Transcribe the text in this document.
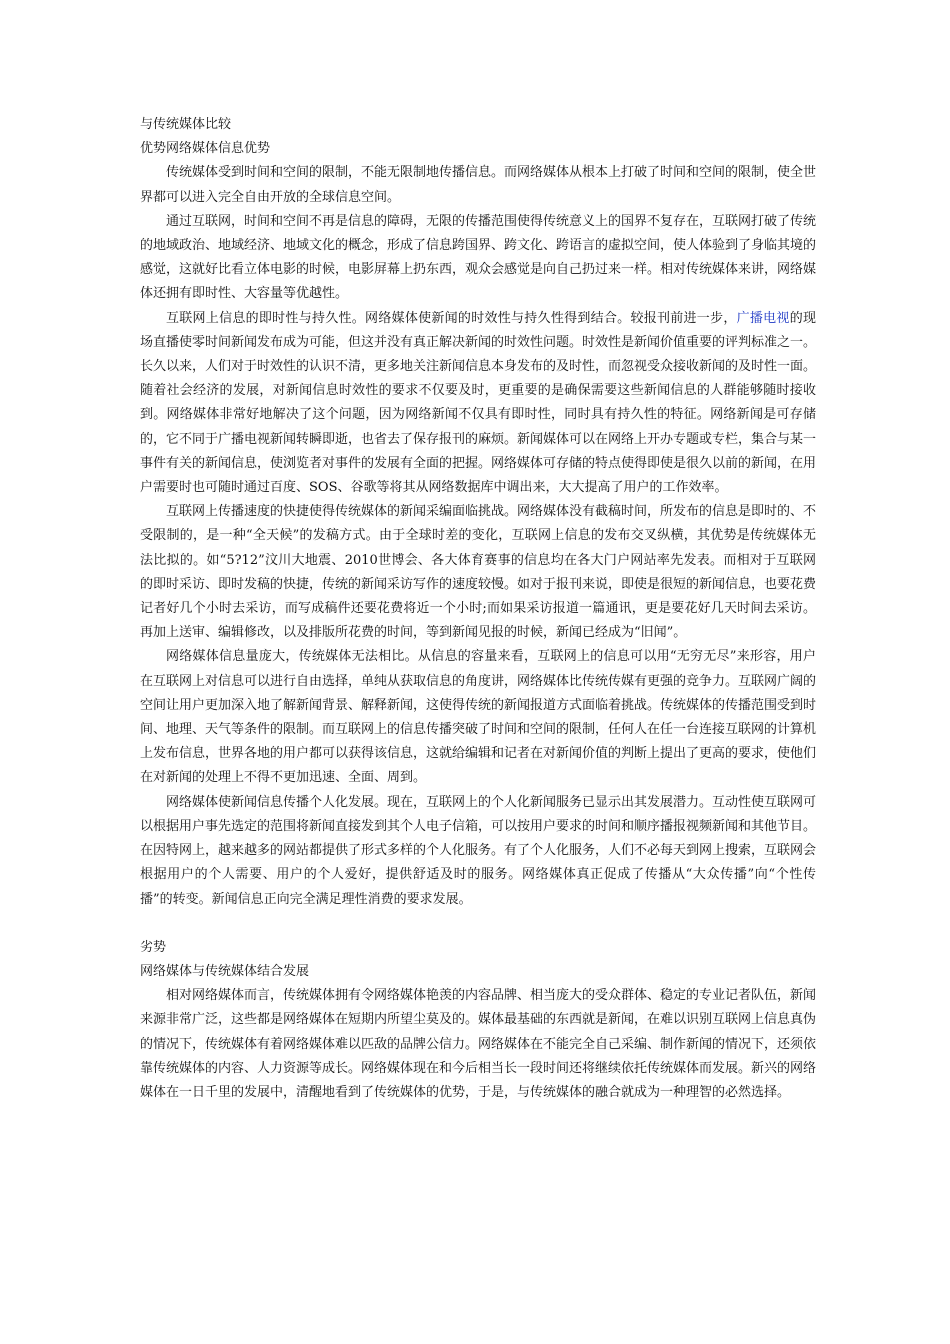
与传统媒体比较

优势网络媒体信息优势

传统媒体受到时间和空间的限制，不能无限制地传播信息。而网络媒体从根本上打破了时间和空间的限制，使全世界都可以进入完全自由开放的全球信息空间。

通过互联网，时间和空间不再是信息的障碍，无限的传播范围使得传统意义上的国界不复存在，互联网打破了传统的地域政治、地域经济、地域文化的概念，形成了信息跨国界、跨文化、跨语言的虚拟空间，使人体验到了身临其境的感觉，这就好比看立体电影的时候，电影屏幕上扔东西，观众会感觉是向自己扔过来一样。相对传统媒体来讲，网络媒体还拥有即时性、大容量等优越性。

互联网上信息的即时性与持久性。网络媒体使新闻的时效性与持久性得到结合。较报刊前进一步，广播电视的现场直播使零时间新闻发布成为可能，但这并没有真正解决新闻的时效性问题。时效性是新闻价值重要的评判标准之一。长久以来，人们对于时效性的认识不清，更多地关注新闻信息本身发布的及时性，而忽视受众接收新闻的及时性一面。随着社会经济的发展，对新闻信息时效性的要求不仅要及时，更重要的是确保需要这些新闻信息的人群能够随时接收到。网络媒体非常好地解决了这个问题，因为网络新闻不仅具有即时性，同时具有持久性的特征。网络新闻是可存储的，它不同于广播电视新闻转瞬即逝，也省去了保存报刊的麻烦。新闻媒体可以在网络上开办专题或专栏，集合与某一事件有关的新闻信息，使浏览者对事件的发展有全面的把握。网络媒体可存储的特点使得即使是很久以前的新闻，在用户需要时也可随时通过百度、SOS、谷歌等将其从网络数据库中调出来，大大提高了用户的工作效率。

互联网上传播速度的快捷使得传统媒体的新闻采编面临挑战。网络媒体没有截稿时间，所发布的信息是即时的、不受限制的，是一种“全天候”的发稿方式。由于全球时差的变化，互联网上信息的发布交叉纵横，其优势是传统媒体无法比拟的。如“5?12”汶川大地震、2010世博会、各大体育赛事的信息均在各大门户网站率先发表。而相对于互联网的即时采访、即时发稿的快捷，传统的新闻采访写作的速度较慢。如对于报刊来说，即使是很短的新闻信息，也要花费记者好几个小时去采访，而写成稿件还要花费将近一个小时;而如果采访报道一篇通讯，更是要花好几天时间去采访。再加上送审、编辑修改，以及排版所花费的时间，等到新闻见报的时候，新闻已经成为“旧闻”。

网络媒体信息量庞大，传统媒体无法相比。从信息的容量来看，互联网上的信息可以用“无穷无尽”来形容，用户在互联网上对信息可以进行自由选择，单纯从获取信息的角度讲，网络媒体比传统传媒有更强的竞争力。互联网广阔的空间让用户更加深入地了解新闻背景、解释新闻，这使得传统的新闻报道方式面临着挑战。传统媒体的传播范围受到时间、地理、天气等条件的限制。而互联网上的信息传播突破了时间和空间的限制，任何人在任一台连接互联网的计算机上发布信息，世界各地的用户都可以获得该信息，这就给编辑和记者在对新闻价值的判断上提出了更高的要求，使他们在对新闻的处理上不得不更加迅速、全面、周到。

网络媒体使新闻信息传播个人化发展。现在，互联网上的个人化新闻服务已显示出其发展潜力。互动性使互联网可以根据用户事先选定的范围将新闻直接发到其个人电子信箱，可以按用户要求的时间和顺序播报视频新闻和其他节目。在因特网上，越来越多的网站都提供了形式多样的个人化服务。有了个人化服务，人们不必每天到网上搜索，互联网会根据用户的个人需要、用户的个人爱好，提供舒适及时的服务。网络媒体真正促成了传播从“大众传播”向“个性传播”的转变。新闻信息正向完全满足理性消费的要求发展。

劣势

网络媒体与传统媒体结合发展

相对网络媒体而言，传统媒体拥有令网络媒体艳羡的内容品牌、相当庞大的受众群体、稳定的专业记者队伍，新闻来源非常广泛，这些都是网络媒体在短期内所望尘莫及的。媒体最基础的东西就是新闻，在难以识别互联网上信息真伪的情况下，传统媒体有着网络媒体难以匹敌的品牌公信力。网络媒体在不能完全自己采编、制作新闻的情况下，还须依靠传统媒体的内容、人力资源等成长。网络媒体现在和今后相当长一段时间还将继续依托传统媒体而发展。新兴的网络媒体在一日千里的发展中，清醒地看到了传统媒体的优势，于是，与传统媒体的融合就成为一种理智的必然选择。
